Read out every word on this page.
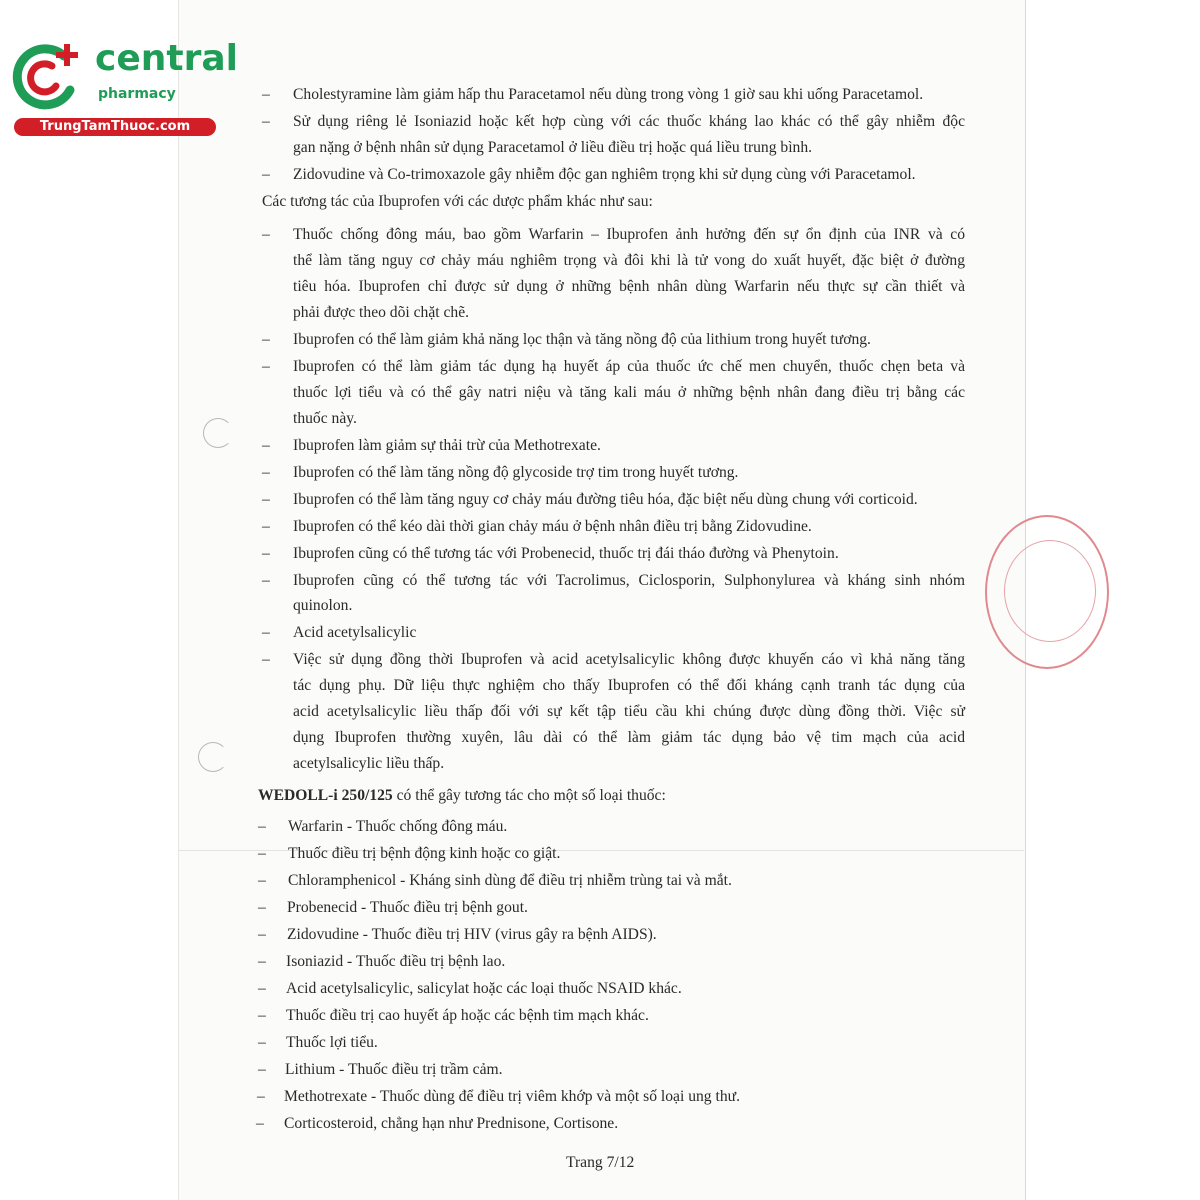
central
pharmacy
TrungTamThuoc.com
– Cholestyramine làm giảm hấp thu Paracetamol nếu dùng trong vòng 1 giờ sau khi uống Paracetamol.
– Sử dụng riêng lẻ Isoniazid hoặc kết hợp cùng với các thuốc kháng lao khác có thể gây nhiễm độc
gan nặng ở bệnh nhân sử dụng Paracetamol ở liều điều trị hoặc quá liều trung bình.
– Zidovudine và Co-trimoxazole gây nhiễm độc gan nghiêm trọng khi sử dụng cùng với Paracetamol.
Các tương tác của Ibuprofen với các dược phẩm khác như sau:
– Thuốc chống đông máu, bao gồm Warfarin – Ibuprofen ảnh hưởng đến sự ổn định của INR và có
thể làm tăng nguy cơ chảy máu nghiêm trọng và đôi khi là tử vong do xuất huyết, đặc biệt ở đường
tiêu hóa. Ibuprofen chỉ được sử dụng ở những bệnh nhân dùng Warfarin nếu thực sự cần thiết và
phải được theo dõi chặt chẽ.
– Ibuprofen có thể làm giảm khả năng lọc thận và tăng nồng độ của lithium trong huyết tương.
– Ibuprofen có thể làm giảm tác dụng hạ huyết áp của thuốc ức chế men chuyển, thuốc chẹn beta và
thuốc lợi tiểu và có thể gây natri niệu và tăng kali máu ở những bệnh nhân đang điều trị bằng các
thuốc này.
– Ibuprofen làm giảm sự thải trừ của Methotrexate.
– Ibuprofen có thể làm tăng nồng độ glycoside trợ tim trong huyết tương.
– Ibuprofen có thể làm tăng nguy cơ chảy máu đường tiêu hóa, đặc biệt nếu dùng chung với corticoid.
– Ibuprofen có thể kéo dài thời gian chảy máu ở bệnh nhân điều trị bằng Zidovudine.
– Ibuprofen cũng có thể tương tác với Probenecid, thuốc trị đái tháo đường và Phenytoin.
– Ibuprofen cũng có thể tương tác với Tacrolimus, Ciclosporin, Sulphonylurea và kháng sinh nhóm
quinolon.
– Acid acetylsalicylic
– Việc sử dụng đồng thời Ibuprofen và acid acetylsalicylic không được khuyến cáo vì khả năng tăng
tác dụng phụ. Dữ liệu thực nghiệm cho thấy Ibuprofen có thể đối kháng cạnh tranh tác dụng của
acid acetylsalicylic liều thấp đối với sự kết tập tiểu cầu khi chúng được dùng đồng thời. Việc sử
dụng Ibuprofen thường xuyên, lâu dài có thể làm giảm tác dụng bảo vệ tim mạch của acid
acetylsalicylic liều thấp.
WEDOLL-i 250/125 có thể gây tương tác cho một số loại thuốc:
– Warfarin - Thuốc chống đông máu.
– Thuốc điều trị bệnh động kinh hoặc co giật.
– Chloramphenicol - Kháng sinh dùng để điều trị nhiễm trùng tai và mắt.
– Probenecid - Thuốc điều trị bệnh gout.
– Zidovudine - Thuốc điều trị HIV (virus gây ra bệnh AIDS).
– Isoniazid - Thuốc điều trị bệnh lao.
– Acid acetylsalicylic, salicylat hoặc các loại thuốc NSAID khác.
– Thuốc điều trị cao huyết áp hoặc các bệnh tim mạch khác.
– Thuốc lợi tiểu.
– Lithium - Thuốc điều trị trầm cảm.
– Methotrexate - Thuốc dùng để điều trị viêm khớp và một số loại ung thư.
– Corticosteroid, chẳng hạn như Prednisone, Cortisone.
Trang 7/12
